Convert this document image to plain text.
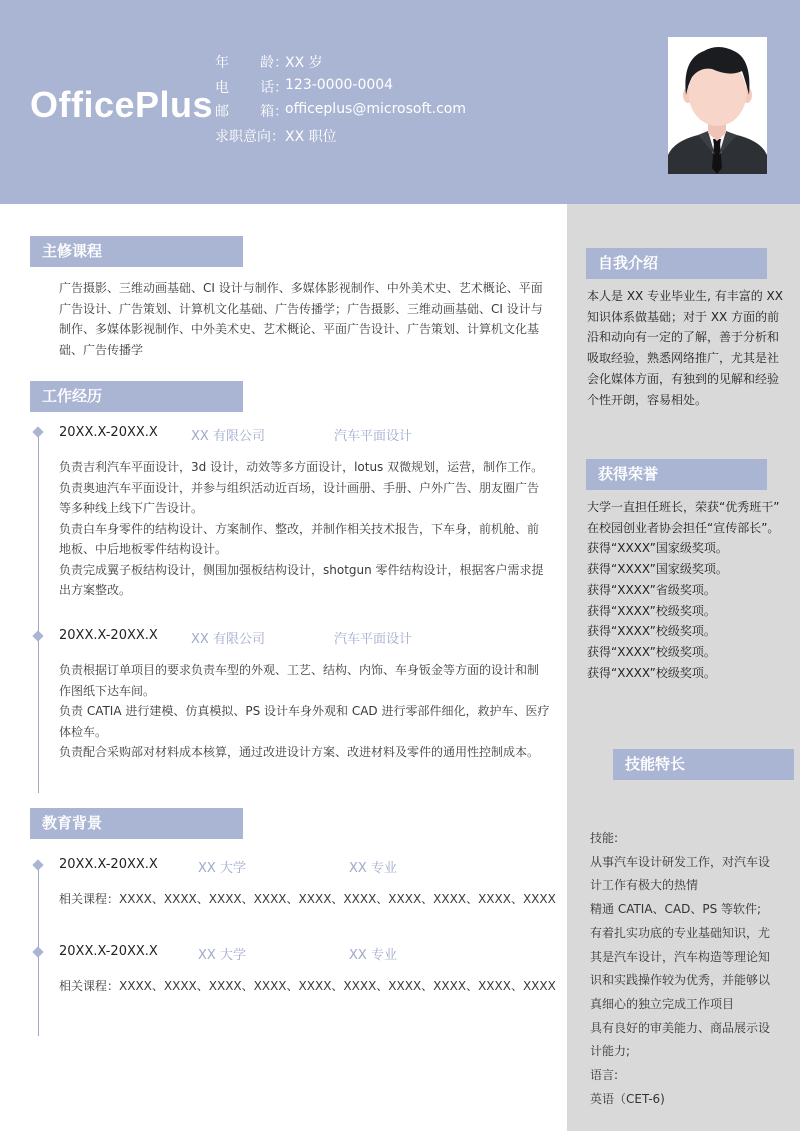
OfficePlus
年       龄：
XX 岁
电       话：
123-0000-0004
邮       箱：
officeplus@microsoft.com
求职意向： XX 职位
主修课程
广告摄影、三维动画基础、CI 设计与制作、多媒体影视制作、中外美术史、艺术概论、平面
广告设计、广告策划、计算机文化基础、广告传播学；广告摄影、三维动画基础、CI 设计与
制作、多媒体影视制作、中外美术史、艺术概论、平面广告设计、广告策划、计算机文化基
础、广告传播学
工作经历
20XX.X-20XX.X	XX 有限公司	汽车平面设计
负责吉利汽车平面设计，3d 设计，动效等多方面设计，lotus 双微规划，运营，制作工作。
负责奥迪汽车平面设计，并参与组织活动近百场，设计画册、手册、户外广告、朋友圈广告
等多种线上线下广告设计。
负责白车身零件的结构设计、方案制作、整改，并制作相关技术报告，下车身，前机舱、前
地板、中后地板零件结构设计。
负责完成翼子板结构设计，侧围加强板结构设计，shotgun 零件结构设计，根据客户需求提
出方案整改。
20XX.X-20XX.X	XX 有限公司	汽车平面设计
负责根据订单项目的要求负责车型的外观、工艺、结构、内饰、车身钣金等方面的设计和制
作图纸下达车间。
负责 CATIA 进行建模、仿真模拟、PS 设计车身外观和 CAD 进行零部件细化，救护车、医疗
体检车。
负责配合采购部对材料成本核算，通过改进设计方案、改进材料及零件的通用性控制成本。
教育背景
20XX.X-20XX.X	XX 大学	XX 专业
相关课程：XXXX、XXXX、XXXX、XXXX、XXXX、XXXX、XXXX、XXXX、XXXX、XXXX
20XX.X-20XX.X	XX 大学	XX 专业
相关课程：XXXX、XXXX、XXXX、XXXX、XXXX、XXXX、XXXX、XXXX、XXXX、XXXX
自我介绍
本人是 XX 专业毕业生, 有丰富的 XX
知识体系做基础；对于 XX 方面的前
沿和动向有一定的了解，善于分析和
吸取经验，熟悉网络推广，尤其是社
会化媒体方面，有独到的见解和经验
个性开朗，容易相处。
获得荣誉
大学一直担任班长，荣获“优秀班干”
在校园创业者协会担任“宣传部长”。
获得“XXXX”国家级奖项。
获得“XXXX”国家级奖项。
获得“XXXX”省级奖项。
获得“XXXX”校级奖项。
获得“XXXX”校级奖项。
获得“XXXX”校级奖项。
获得“XXXX”校级奖项。
技能特长
技能:
从事汽车设计研发工作，对汽车设
计工作有极大的热情
精通 CATIA、CAD、PS 等软件;
有着扎实功底的专业基础知识，尤
其是汽车设计，汽车构造等理论知
识和实践操作较为优秀，并能够以
真细心的独立完成工作项目
具有良好的审美能力、商品展示设
计能力;
语言:
英语（CET-6)
